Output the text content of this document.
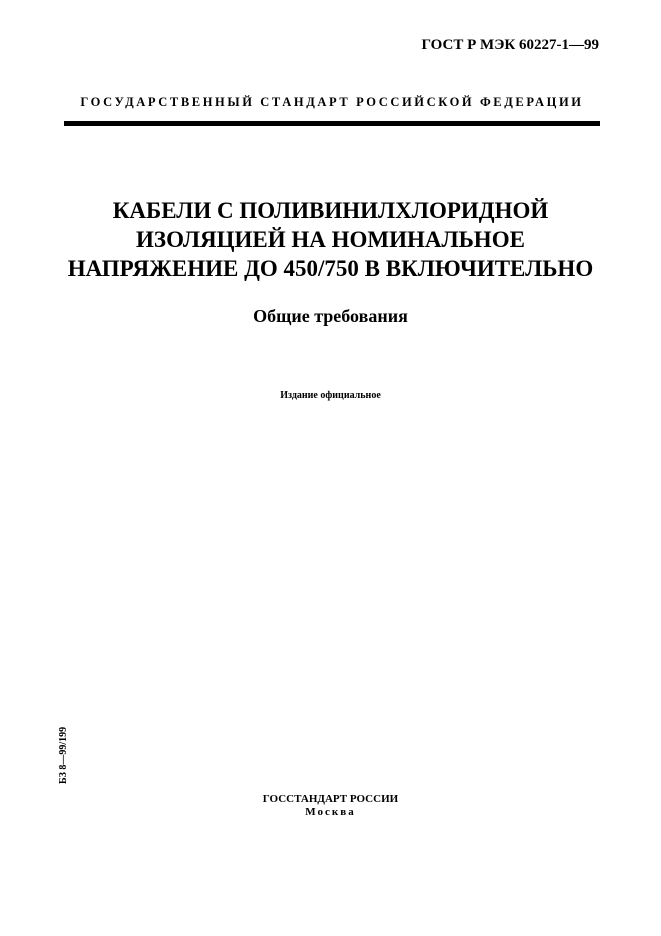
ГОСТ Р МЭК 60227-1—99
ГОСУДАРСТВЕННЫЙ СТАНДАРТ РОССИЙСКОЙ ФЕДЕРАЦИИ
КАБЕЛИ С ПОЛИВИНИЛХЛОРИДНОЙ
ИЗОЛЯЦИЕЙ НА НОМИНАЛЬНОЕ
НАПРЯЖЕНИЕ ДО 450/750 В ВКЛЮЧИТЕЛЬНО
Общие требования
Издание официальное
БЗ 8—99/199
ГОССТАНДАРТ РОССИИ
Москва
